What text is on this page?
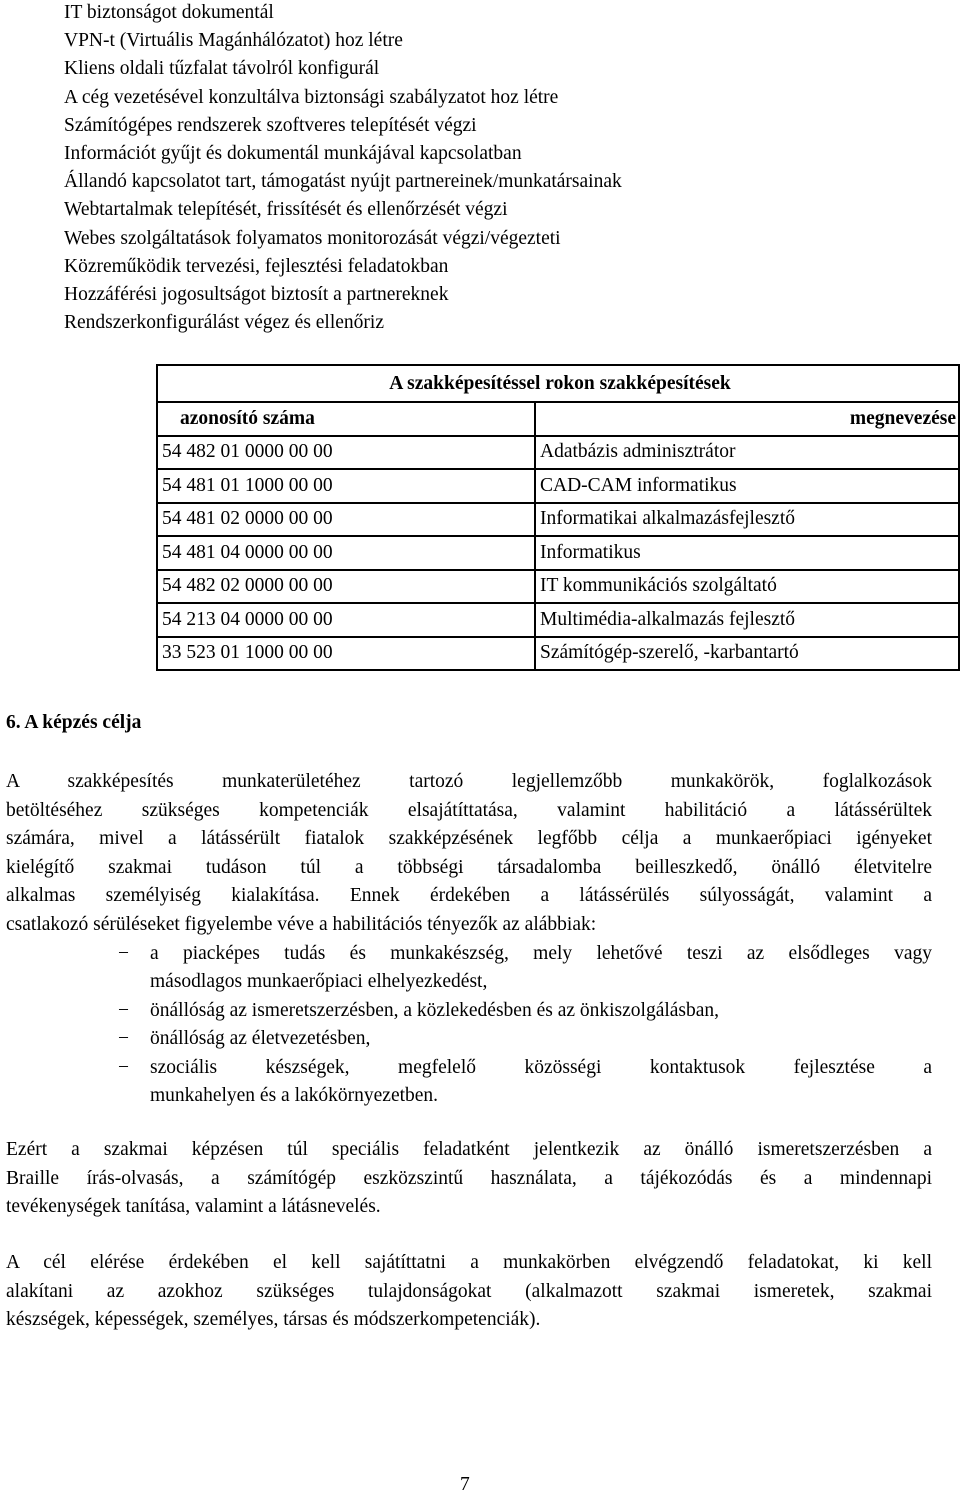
IT biztonságot dokumentál
VPN-t (Virtuális Magánhálózatot) hoz létre
Kliens oldali tűzfalat távolról konfigurál
A cég vezetésével konzultálva biztonsági szabályzatot hoz létre
Számítógépes rendszerek szoftveres telepítését végzi
Információt gyűjt és dokumentál munkájával kapcsolatban
Állandó kapcsolatot tart, támogatást nyújt partnereinek/munkatársainak
Webtartalmak telepítését, frissítését és ellenőrzését végzi
Webes szolgáltatások folyamatos monitorozását végzi/végezteti
Közreműködik tervezési, fejlesztési feladatokban
Hozzáférési jogosultságot biztosít a partnereknek
Rendszerkonfigurálást végez és ellenőriz
	A szakképesítéssel rokon szakképesítések	
	azonosító száma	megnevezése
	54 482 01 0000 00 00	Adatbázis adminisztrátor
	54 481 01 1000 00 00	CAD-CAM informatikus
	54 481 02 0000 00 00	Informatikai alkalmazásfejlesztő
	54 481 04 0000 00 00	Informatikus
	54 482 02 0000 00 00	IT kommunikációs szolgáltató
	54 213 04 0000 00 00	Multimédia-alkalmazás fejlesztő
	33 523 01 1000 00 00	Számítógép-szerelő, -karbantartó
6. A képzés célja
A szakképesítés munkaterületéhez tartozó legjellemzőbb munkakörök, foglalkozások
betöltéséhez szükséges kompetenciák elsajátíttatása, valamint habilitáció a látássérültek
számára, mivel a látássérült fiatalok szakképzésének legfőbb célja a munkaerőpiaci igényeket
kielégítő szakmai tudáson túl a többségi társadalomba beilleszkedő, önálló életvitelre
alkalmas személyiség kialakítása. Ennek érdekében a látássérülés súlyosságát, valamint a
csatlakozó sérüléseket figyelembe véve a habilitációs tényezők az alábbiak:
− a piacképes tudás és munkakészség, mely lehetővé teszi az elsődleges vagy
másodlagos munkaerőpiaci elhelyezkedést,
− önállóság az ismeretszerzésben, a közlekedésben és az önkiszolgálásban,
− önállóság az életvezetésben,
− szociális készségek, megfelelő közösségi kontaktusok fejlesztése a
munkahelyen és a lakókörnyezetben.
Ezért a szakmai képzésen túl speciális feladatként jelentkezik az önálló ismeretszerzésben a
Braille írás-olvasás, a számítógép eszközszintű használata, a tájékozódás és a mindennapi
tevékenységek tanítása, valamint a látásnevelés.
A cél elérése érdekében el kell sajátíttatni a munkakörben elvégzendő feladatokat, ki kell
alakítani az azokhoz szükséges tulajdonságokat (alkalmazott szakmai ismeretek, szakmai
készségek, képességek, személyes, társas és módszerkompetenciák).
7
